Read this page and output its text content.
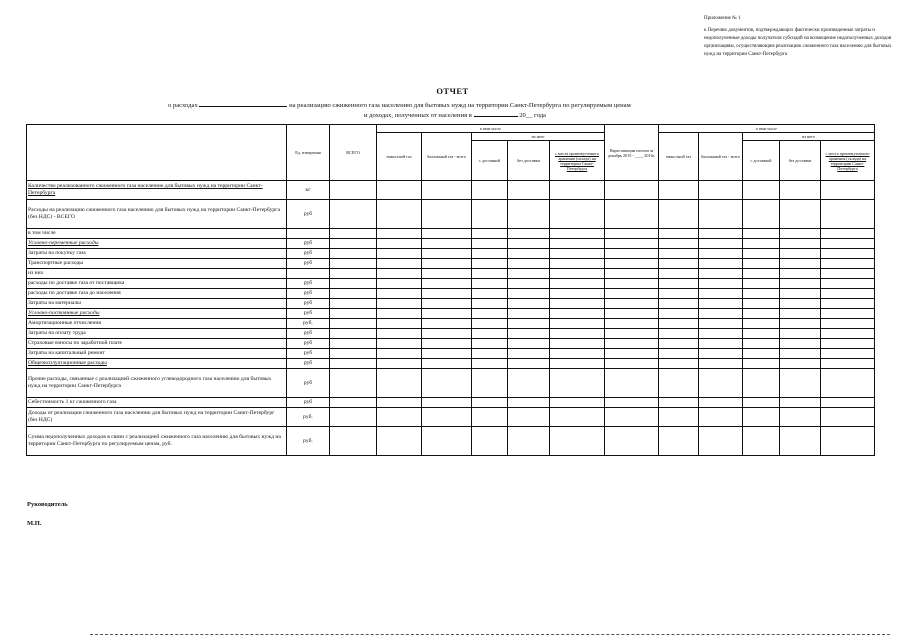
Приложение № 1
к Перечню документов, подтверждающих фактически произведенные затраты и недополученные доходы получателя субсидий на возмещение недополученных доходов организациям, осуществляющим реализацию сжиженного газа населению для бытовых нужд на территории Санкт-Петербурга
ОТЧЕТ
о расходах	на реализацию сжиженного газа населению для бытовых нужд на территории Санкт-Петербурга по регулируемым ценам
и доходах, полученных от населения в	20__ года
	Ед. измерения	ВСЕГО	в том числе					Нарастающим итогом за декабрь 2015 - ____ 2016г.	в том числе				
			емкостной газ	баллонный газ - всего	из него				емкостной газ	баллонный газ - всего	из него		
					с доставкой	без доставки	с места промежуточного хранения (склада) на территории Санкт-Петербурга				с доставкой	без доставки	с места промежуточного хранения (склада) на территории Санкт-Петербурга
Количество реализованного сжиженного газа населению для бытовых нужд на территории Санкт-Петербурга	кг												
Расходы на реализацию сжиженного газа населению для бытовых нужд на территории Санкт-Петербурга (без НДС) - ВСЕГО	руб												
в том числе													
Условно-переменные расходы	руб												
Затраты на покупку газа	руб												
Транспортные расходы	руб												
из них													
расходы по доставке газа от поставщика	руб												
расходы по доставке газа до населения	руб												
Затраты на материалы	руб												
Условно-постоянные расходы	руб												
Амортизационные отчисления	руб.												
Затраты на оплату труда	руб												
Страховые взносы по заработной плате	руб												
Затраты на капитальный ремонт	руб												
Общеэксплуатационные расходы	руб												
Прочие расходы, связанные с реализацией сжиженного углеводородного газа населению для бытовых нужд на территории Санкт-Петербурга	руб												
Себестоимость 1 кг сжиженного газа	руб												
Доходы от реализации сжиженного газа населению для бытовых нужд на территории Санкт-Петербург (без НДС)	руб.												
Сумма недополученных доходов в связи с реализацией сжиженного газа населению для бытовых нужд на территории Санкт-Петербурга по регулируемым ценам, руб.	руб.												
Руководитель
М.П.
